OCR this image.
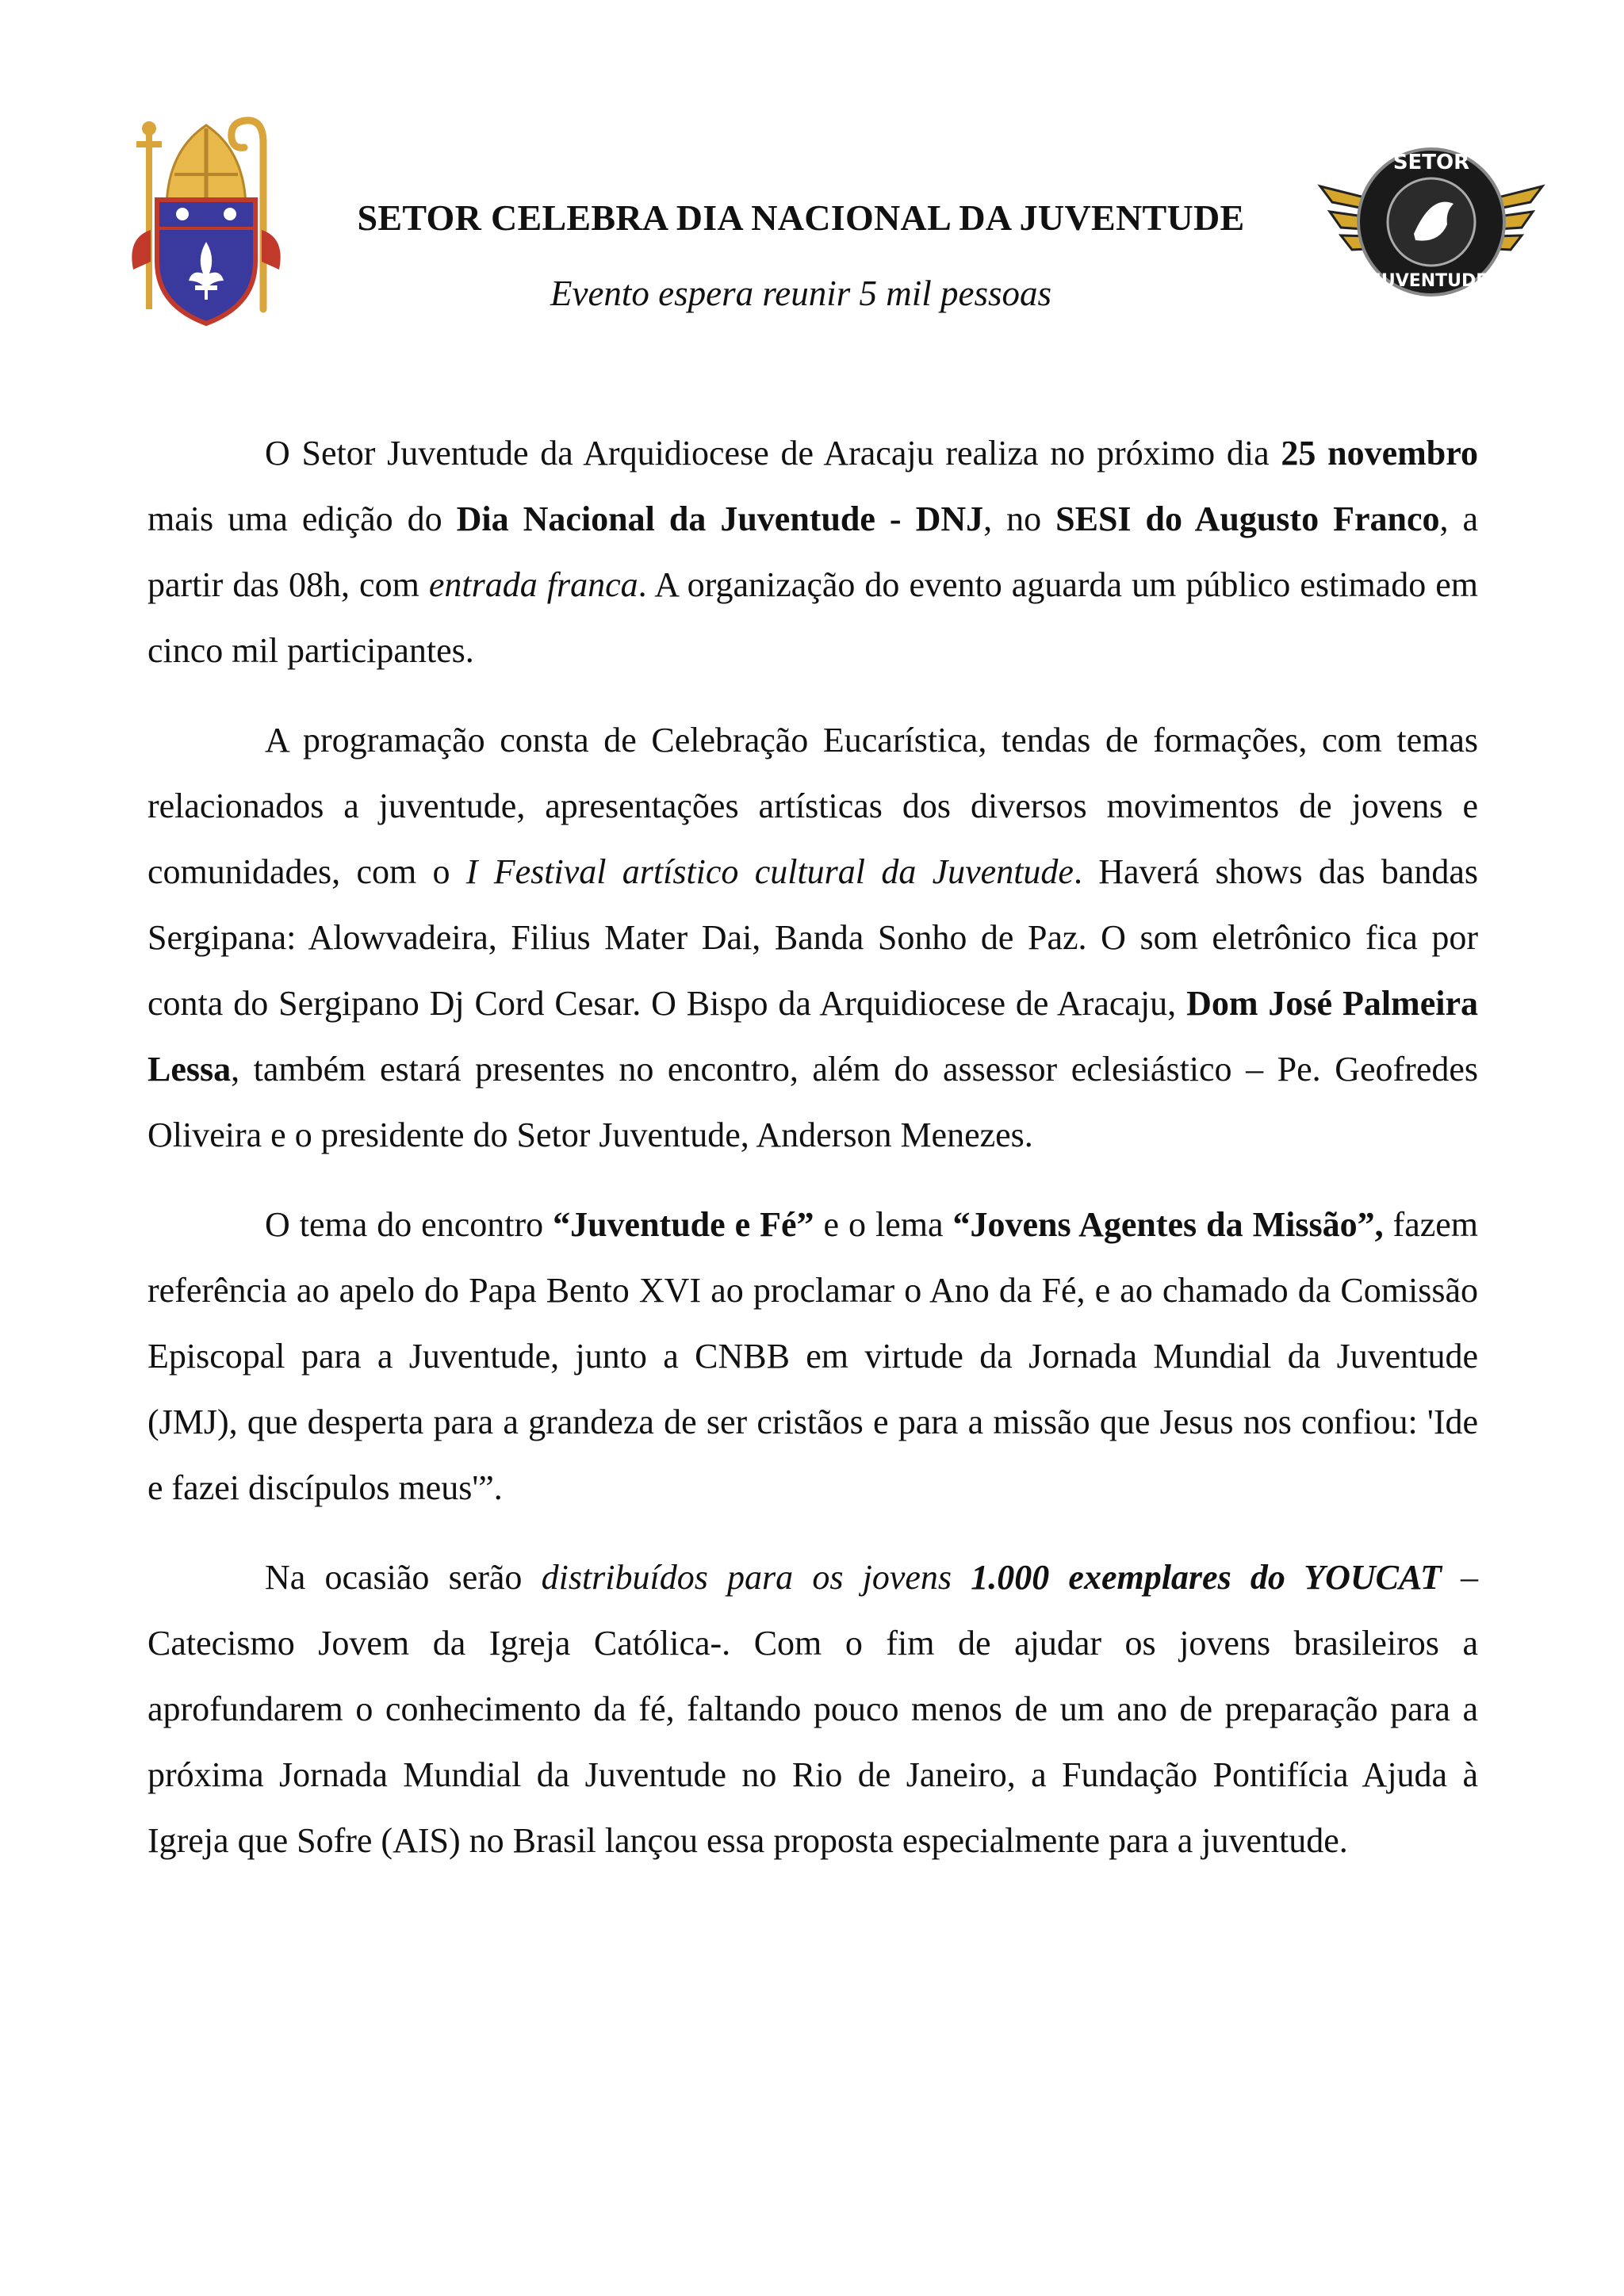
SETOR CELEBRA DIA NACIONAL DA JUVENTUDE
Evento espera reunir 5 mil pessoas
SETOR
JUVENTUDE

O Setor Juventude da Arquidiocese de Aracaju realiza no próximo dia 25 novembro mais uma edição do Dia Nacional da Juventude - DNJ, no SESI do Augusto Franco, a partir das 08h, com entrada franca. A organização do evento aguarda um público estimado em cinco mil participantes.

A programação consta de Celebração Eucarística, tendas de formações, com temas relacionados a juventude, apresentações artísticas dos diversos movimentos de jovens e comunidades, com o I Festival artístico cultural da Juventude. Haverá shows das bandas Sergipana: Alowvadeira, Filius Mater Dai, Banda Sonho de Paz. O som eletrônico fica por conta do Sergipano Dj Cord Cesar. O Bispo da Arquidiocese de Aracaju, Dom José Palmeira Lessa, também estará presentes no encontro, além do assessor eclesiástico – Pe. Geofredes Oliveira e o presidente do Setor Juventude, Anderson Menezes.

O tema do encontro “Juventude e Fé” e o lema “Jovens Agentes da Missão”, fazem referência ao apelo do Papa Bento XVI ao proclamar o Ano da Fé, e ao chamado da Comissão Episcopal para a Juventude, junto a CNBB em virtude da Jornada Mundial da Juventude (JMJ), que desperta para a grandeza de ser cristãos e para a missão que Jesus nos confiou: 'Ide e fazei discípulos meus'”.

Na ocasião serão distribuídos para os jovens 1.000 exemplares do YOUCAT – Catecismo Jovem da Igreja Católica-. Com o fim de ajudar os jovens brasileiros a aprofundarem o conhecimento da fé, faltando pouco menos de um ano de preparação para a próxima Jornada Mundial da Juventude no Rio de Janeiro, a Fundação Pontifícia Ajuda à Igreja que Sofre (AIS) no Brasil lançou essa proposta especialmente para a juventude.
